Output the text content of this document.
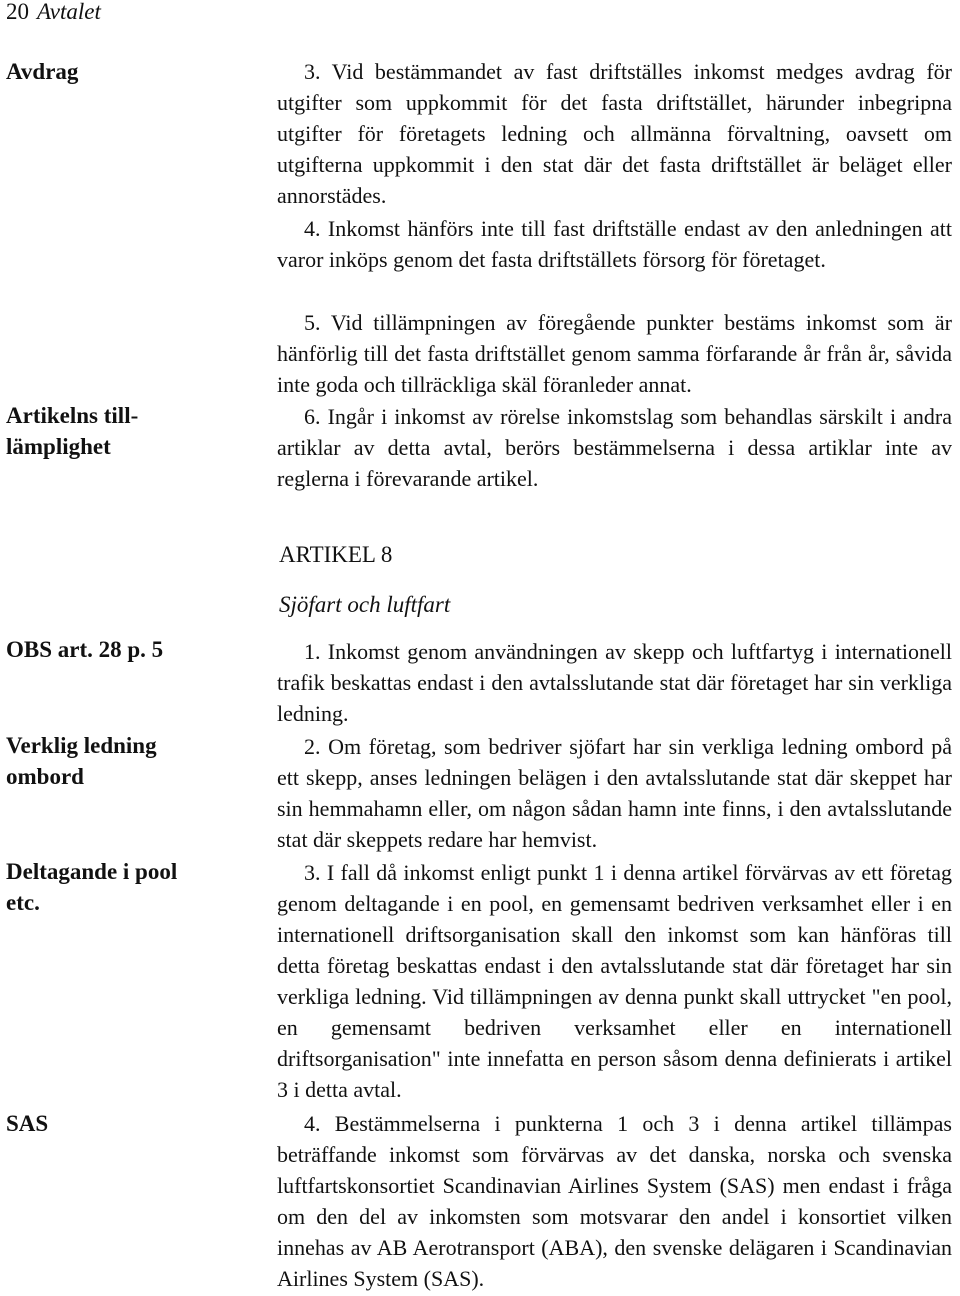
20 Avtalet
Avdrag
Artikelns till-
lämplighet
OBS art. 28 p. 5
Verklig ledning
ombord
Deltagande i pool
etc.
SAS

3. Vid bestämmandet av fast driftställes inkomst medges avdrag för utgifter som uppkommit för det fasta driftstället, härunder inbegripna utgifter för företagets ledning och allmänna förvaltning, oavsett om utgifterna uppkommit i den stat där det fasta driftstället är beläget eller annorstädes.

4. Inkomst hänförs inte till fast driftställe endast av den anledningen att varor inköps genom det fasta driftställets försorg för företaget.

5. Vid tillämpningen av föregående punkter bestäms inkomst som är hänförlig till det fasta driftstället genom samma förfarande år från år, såvida inte goda och tillräckliga skäl föranleder annat.

6. Ingår i inkomst av rörelse inkomstslag som behandlas särskilt i andra artiklar av detta avtal, berörs bestämmelserna i dessa artiklar inte av reglerna i förevarande artikel.

ARTIKEL 8
Sjöfart och luftfart

1. Inkomst genom användningen av skepp och luftfartyg i internationell trafik beskattas endast i den avtalsslutande stat där företaget har sin verkliga ledning.

2. Om företag, som bedriver sjöfart har sin verkliga ledning ombord på ett skepp, anses ledningen belägen i den avtalsslutande stat där skeppet har sin hemmahamn eller, om någon sådan hamn inte finns, i den avtalsslutande stat där skeppets redare har hemvist.

3. I fall då inkomst enligt punkt 1 i denna artikel förvärvas av ett företag genom deltagande i en pool, en gemensamt bedriven verksamhet eller i en internationell driftsorganisation skall den inkomst som kan hänföras till detta företag beskattas endast i den avtalsslutande stat där företaget har sin verkliga ledning. Vid tillämpningen av denna punkt skall uttrycket "en pool, en gemensamt bedriven verksamhet eller en internationell driftsorganisation" inte innefatta en person såsom denna definierats i artikel 3 i detta avtal.

4. Bestämmelserna i punkterna 1 och 3 i denna artikel tillämpas beträffande inkomst som förvärvas av det danska, norska och svenska luftfartskonsortiet Scandinavian Airlines System (SAS) men endast i fråga om den del av inkomsten som motsvarar den andel i konsortiet vilken innehas av AB Aerotransport (ABA), den svenske delägaren i Scandinavian Airlines System (SAS).
